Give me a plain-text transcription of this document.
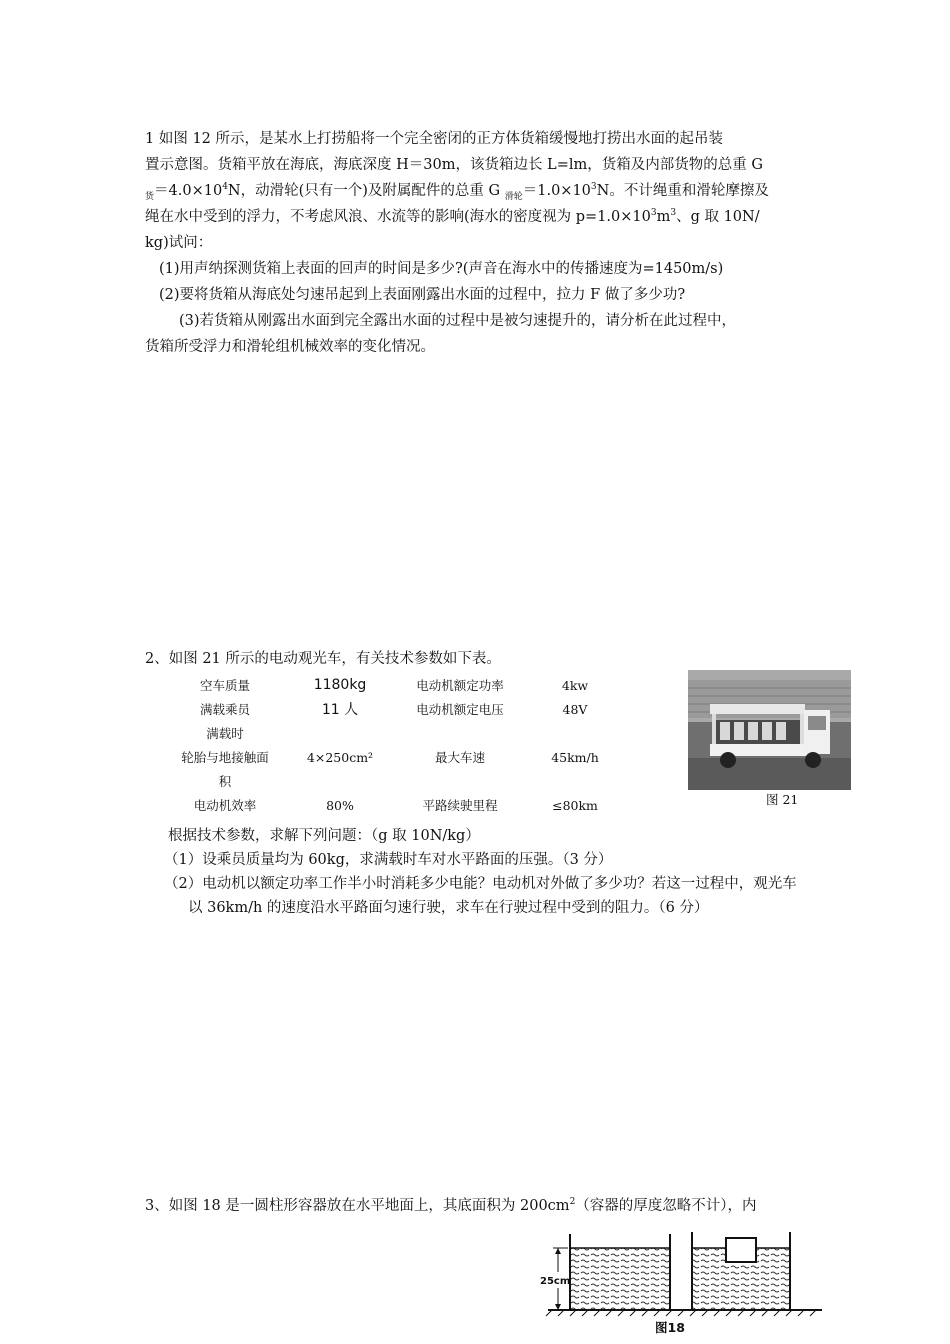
1 如图 12 所示，是某水上打捞船将一个完全密闭的正方体货箱缓慢地打捞出水面的起吊装
置示意图。货箱平放在海底，海底深度 H＝30m，该货箱边长 L=lm，货箱及内部货物的总重 G
$_货=4.0\times 10^4N$，动滑轮(只有一个)及附属配件的总重 G $_{滑轮}=1.0\times 10^3N$。不计绳重和滑轮摩擦及
绳在水中受到的浮力，不考虑风浪、水流等的影响(海水的密度视为 $p=1.0\times 10^3m^3$、g 取 10N/
kg)试问：
(1)用声纳探测货箱上表面的回声的时间是多少?(声音在海水中的传播速度为=1450m/s)
(2)要将货箱从海底处匀速吊起到上表面刚露出水面的过程中，拉力 F 做了多少功?
(3)若货箱从刚露出水面到完全露出水面的过程中是被匀速提升的，请分析在此过程中，
货箱所受浮力和滑轮组机械效率的变化情况。
2、如图 21 所示的电动观光车，有关技术参数如下表。
空车质量	1180kg	电动机额定功率	4kw
满载乘员	11 人	电动机额定电压	48V
满载时			
轮胎与地接触面	4×250cm²	最大车速	45km/h
积			
电动机效率	80%	平路续驶里程	≤80km	图 21
根据技术参数，求解下列问题：（g 取 10N/kg）
（1）设乘员质量均为 60kg，求满载时车对水平路面的压强。（3 分）
（2）电动机以额定功率工作半小时消耗多少电能？电动机对外做了多少功？若这一过程中，观光车以 36km/h 的速度沿水平路面匀速行驶，求车在行驶过程中受到的阻力。（6 分）
3、如图 18 是一圆柱形容器放在水平地面上，其底面积为 $200cm^2$（容器的厚度忽略不计），内
25cm
图18
